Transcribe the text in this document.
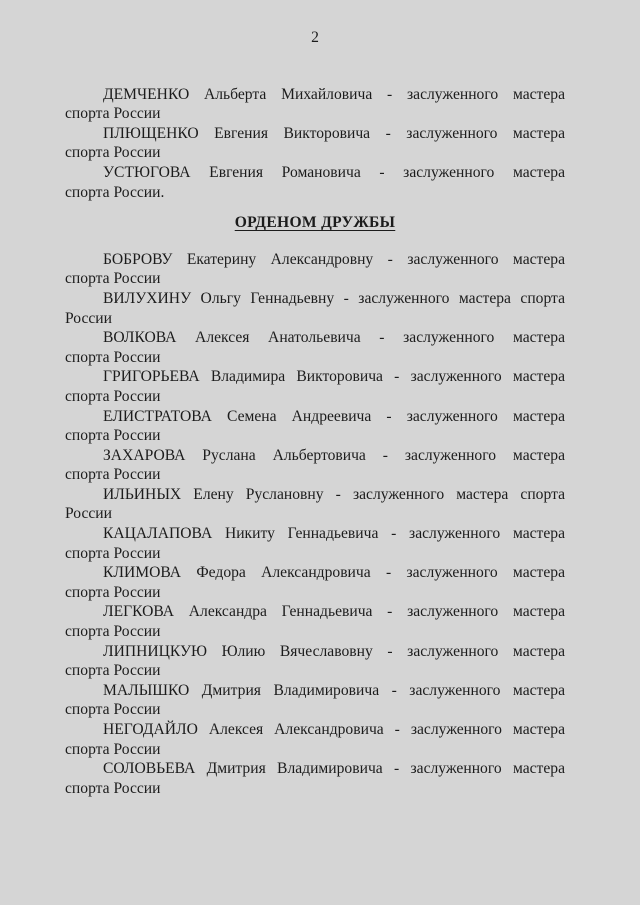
2

ДЕМЧЕНКО Альберта Михайловича - заслуженного мастера
спорта России

ПЛЮЩЕНКО Евгения Викторовича - заслуженного мастера
спорта России

УСТЮГОВА Евгения Романовича - заслуженного мастера
спорта России.

ОРДЕНОМ ДРУЖБЫ

БОБРОВУ Екатерину Александровну - заслуженного мастера
спорта России

ВИЛУХИНУ Ольгу Геннадьевну - заслуженного мастера спорта
России

ВОЛКОВА Алексея Анатольевича - заслуженного мастера
спорта России

ГРИГОРЬЕВА Владимира Викторовича - заслуженного мастера
спорта России

ЕЛИСТРАТОВА Семена Андреевича - заслуженного мастера
спорта России

ЗАХАРОВА Руслана Альбертовича - заслуженного мастера
спорта России

ИЛЬИНЫХ Елену Руслановну - заслуженного мастера спорта
России

КАЦАЛАПОВА Никиту Геннадьевича - заслуженного мастера
спорта России

КЛИМОВА Федора Александровича - заслуженного мастера
спорта России

ЛЕГКОВА Александра Геннадьевича - заслуженного мастера
спорта России

ЛИПНИЦКУЮ Юлию Вячеславовну - заслуженного мастера
спорта России

МАЛЫШКО Дмитрия Владимировича - заслуженного мастера
спорта России

НЕГОДАЙЛО Алексея Александровича - заслуженного мастера
спорта России

СОЛОВЬЕВА Дмитрия Владимировича - заслуженного мастера
спорта России
